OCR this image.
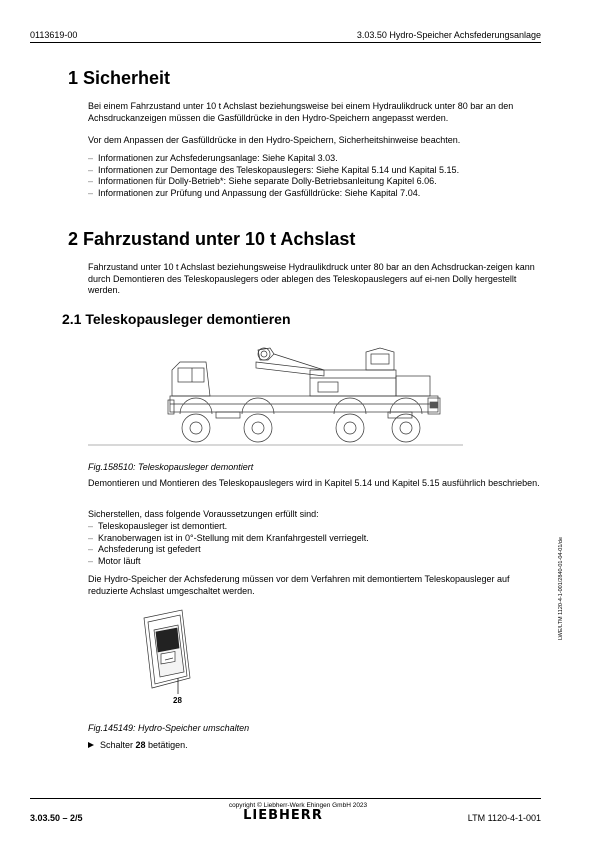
0113619-00	3.03.50 Hydro-Speicher Achsfederungsanlage
1 Sicherheit

Bei einem Fahrzustand unter 10 t Achslast beziehungsweise bei einem Hydraulikdruck unter 80 bar an den Achsdruckanzeigen müssen die Gasfülldrücke in den Hydro-Speichern angepasst werden.

Vor dem Anpassen der Gasfülldrücke in den Hydro-Speichern, Sicherheitshinweise beachten.

– Informationen zur Achsfederungsanlage: Siehe Kapital 3.03.
– Informationen zur Demontage des Teleskopauslegers: Siehe Kapital 5.14 und Kapital 5.15.
– Informationen für Dolly-Betrieb*: Siehe separate Dolly-Betriebsanleitung Kapitel 6.06.
– Informationen zur Prüfung und Anpassung der Gasfülldrücke: Siehe Kapital 7.04.
2 Fahrzustand unter 10 t Achslast

Fahrzustand unter 10 t Achslast beziehungsweise Hydraulikdruck unter 80 bar an den Achsdruckan-zeigen kann durch Demontieren des Teleskopauslegers oder ablegen des Teleskopauslegers auf ei-nen Dolly hergestellt werden.

2.1 Teleskopausleger demontieren
Fig.158510: Teleskopausleger demontiert

Demontieren und Montieren des Teleskopauslegers wird in Kapitel 5.14 und Kapitel 5.15 ausführlich beschrieben.

Sicherstellen, dass folgende Voraussetzungen erfüllt sind:

– Teleskopausleger ist demontiert.
– Kranoberwagen ist in 0°-Stellung mit dem Kranfahrgestell verriegelt.
– Achsfederung ist gefedert
– Motor läuft

Die Hydro-Speicher der Achsfederung müssen vor dem Verfahren mit demontiertem Teleskopausleger auf reduzierte Achslast umgeschaltet werden.

28
Fig.145149: Hydro-Speicher umschalten
Schalter 28 betätigen.
LWE/LTM 1120-4-1-001/2840-01-04-01/de
copyright © Liebherr-Werk Ehingen GmbH 2023
LIEBHERR
3.03.50 – 2/5	LTM 1120-4-1-001
